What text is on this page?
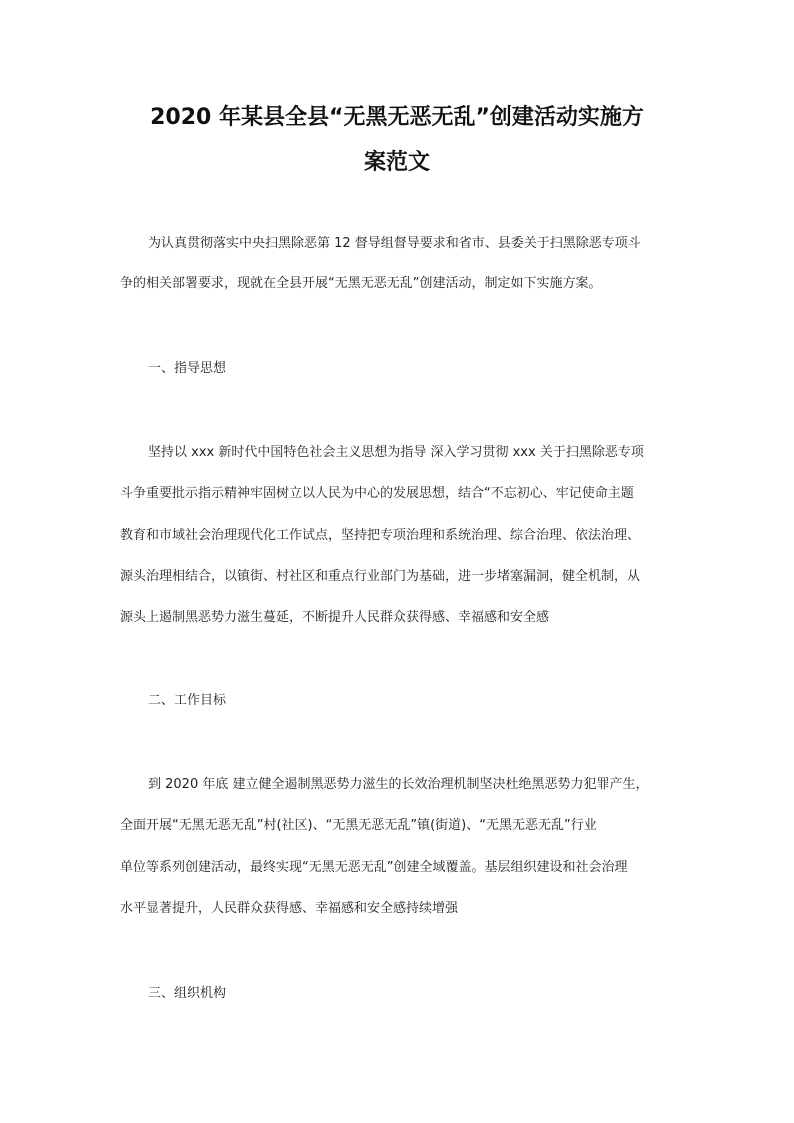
2020 年某县全县“无黑无恶无乱”创建活动实施方
案范文

为认真贯彻落实中央扫黑除恶第 12 督导组督导要求和省市、县委关于扫黑除恶专项斗

争的相关部署要求，现就在全县开展“无黑无恶无乱”创建活动，制定如下实施方案。

一、指导思想

坚持以 xxx 新时代中国特色社会主义思想为指导 深入学习贯彻 xxx 关于扫黑除恶专项

斗争重要批示指示精神牢固树立以人民为中心的发展思想，结合“不忘初心、牢记使命主题

教育和市域社会治理现代化工作试点，坚持把专项治理和系统治理、综合治理、依法治理、

源头治理相结合，以镇街、村社区和重点行业部门为基础，进一步堵塞漏洞，健全机制，从

源头上遏制黑恶势力滋生蔓延，不断提升人民群众获得感、幸福感和安全感

二、工作目标

到 2020 年底 建立健全遏制黑恶势力滋生的长效治理机制坚决杜绝黑恶势力犯罪产生，

全面开展“无黑无恶无乱”村(社区)、“无黑无恶无乱”镇(街道)、“无黑无恶无乱”行业

单位等系列创建活动，最终实现“无黑无恶无乱”创建全域覆盖。基层组织建设和社会治理

水平显著提升，人民群众获得感、幸福感和安全感持续增强

三、组织机构
